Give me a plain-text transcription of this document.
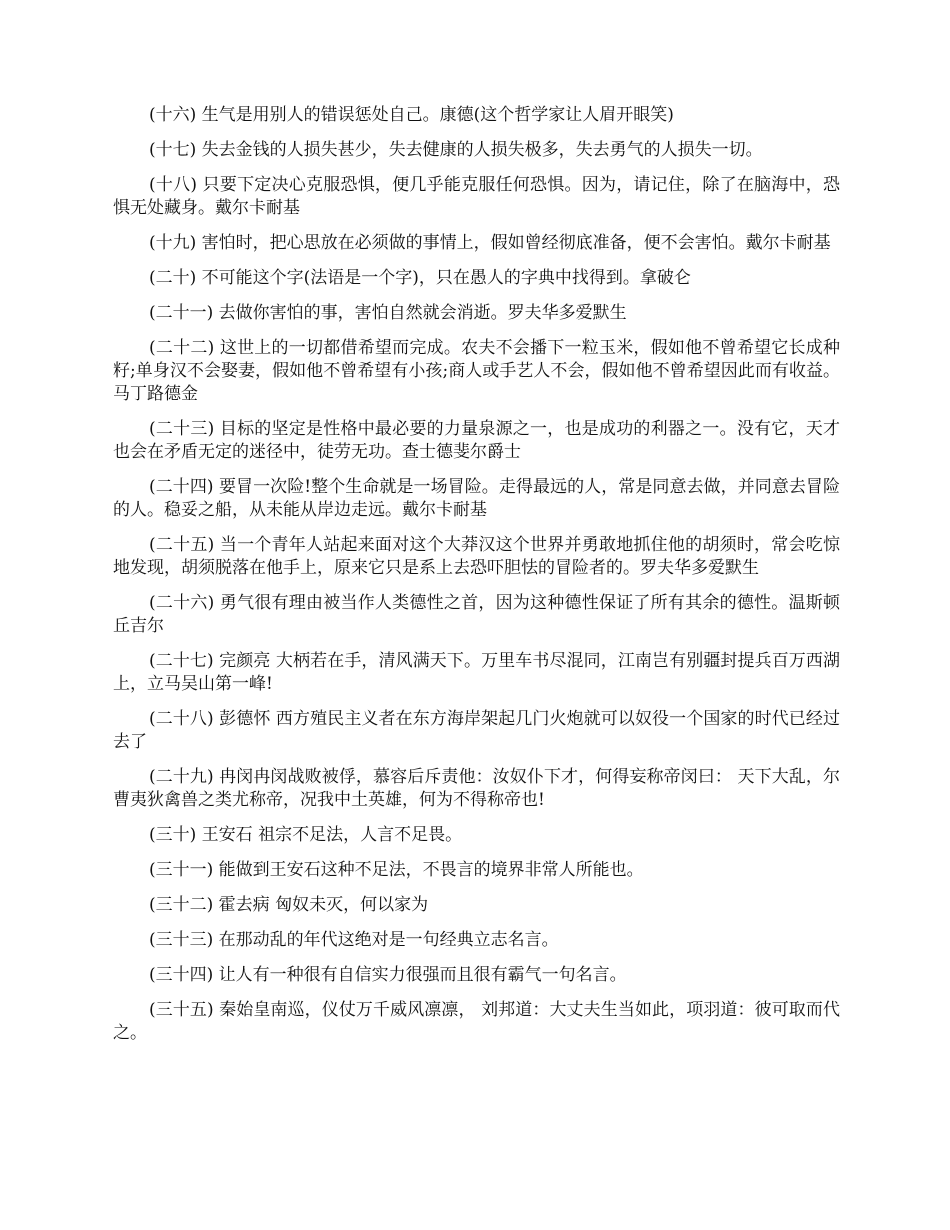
(十六) 生气是用别人的错误惩处自己。康德(这个哲学家让人眉开眼笑)

(十七) 失去金钱的人损失甚少，失去健康的人损失极多，失去勇气的人损失一切。

(十八) 只要下定决心克服恐惧，便几乎能克服任何恐惧。因为，请记住，除了在脑海中，恐惧无处藏身。戴尔卡耐基

(十九) 害怕时，把心思放在必须做的事情上，假如曾经彻底准备，便不会害怕。戴尔卡耐基

(二十) 不可能这个字(法语是一个字)，只在愚人的字典中找得到。拿破仑

(二十一) 去做你害怕的事，害怕自然就会消逝。罗夫华多爱默生

(二十二) 这世上的一切都借希望而完成。农夫不会播下一粒玉米，假如他不曾希望它长成种籽;单身汉不会娶妻，假如他不曾希望有小孩;商人或手艺人不会，假如他不曾希望因此而有收益。马丁路德金

(二十三) 目标的坚定是性格中最必要的力量泉源之一，也是成功的利器之一。没有它，天才也会在矛盾无定的迷径中，徒劳无功。查士德斐尔爵士

(二十四) 要冒一次险!整个生命就是一场冒险。走得最远的人，常是同意去做，并同意去冒险的人。稳妥之船，从未能从岸边走远。戴尔卡耐基

(二十五) 当一个青年人站起来面对这个大莽汉这个世界并勇敢地抓住他的胡须时，常会吃惊地发现，胡须脱落在他手上，原来它只是系上去恐吓胆怯的冒险者的。罗夫华多爱默生

(二十六) 勇气很有理由被当作人类德性之首，因为这种德性保证了所有其余的德性。温斯顿丘吉尔

(二十七) 完颜亮 大柄若在手，清风满天下。万里车书尽混同，江南岂有别疆封提兵百万西湖上，立马吴山第一峰!

(二十八) 彭德怀 西方殖民主义者在东方海岸架起几门火炮就可以奴役一个国家的时代已经过去了

(二十九) 冉闵冉闵战败被俘，慕容后斥责他：汝奴仆下才，何得妄称帝闵曰： 天下大乱，尔曹夷狄禽兽之类尤称帝，况我中土英雄，何为不得称帝也!

(三十) 王安石 祖宗不足法，人言不足畏。

(三十一) 能做到王安石这种不足法，不畏言的境界非常人所能也。

(三十二) 霍去病 匈奴未灭，何以家为

(三十三) 在那动乱的年代这绝对是一句经典立志名言。

(三十四) 让人有一种很有自信实力很强而且很有霸气一句名言。

(三十五) 秦始皇南巡，仪仗万千威风凛凛， 刘邦道：大丈夫生当如此，项羽道：彼可取而代之。
